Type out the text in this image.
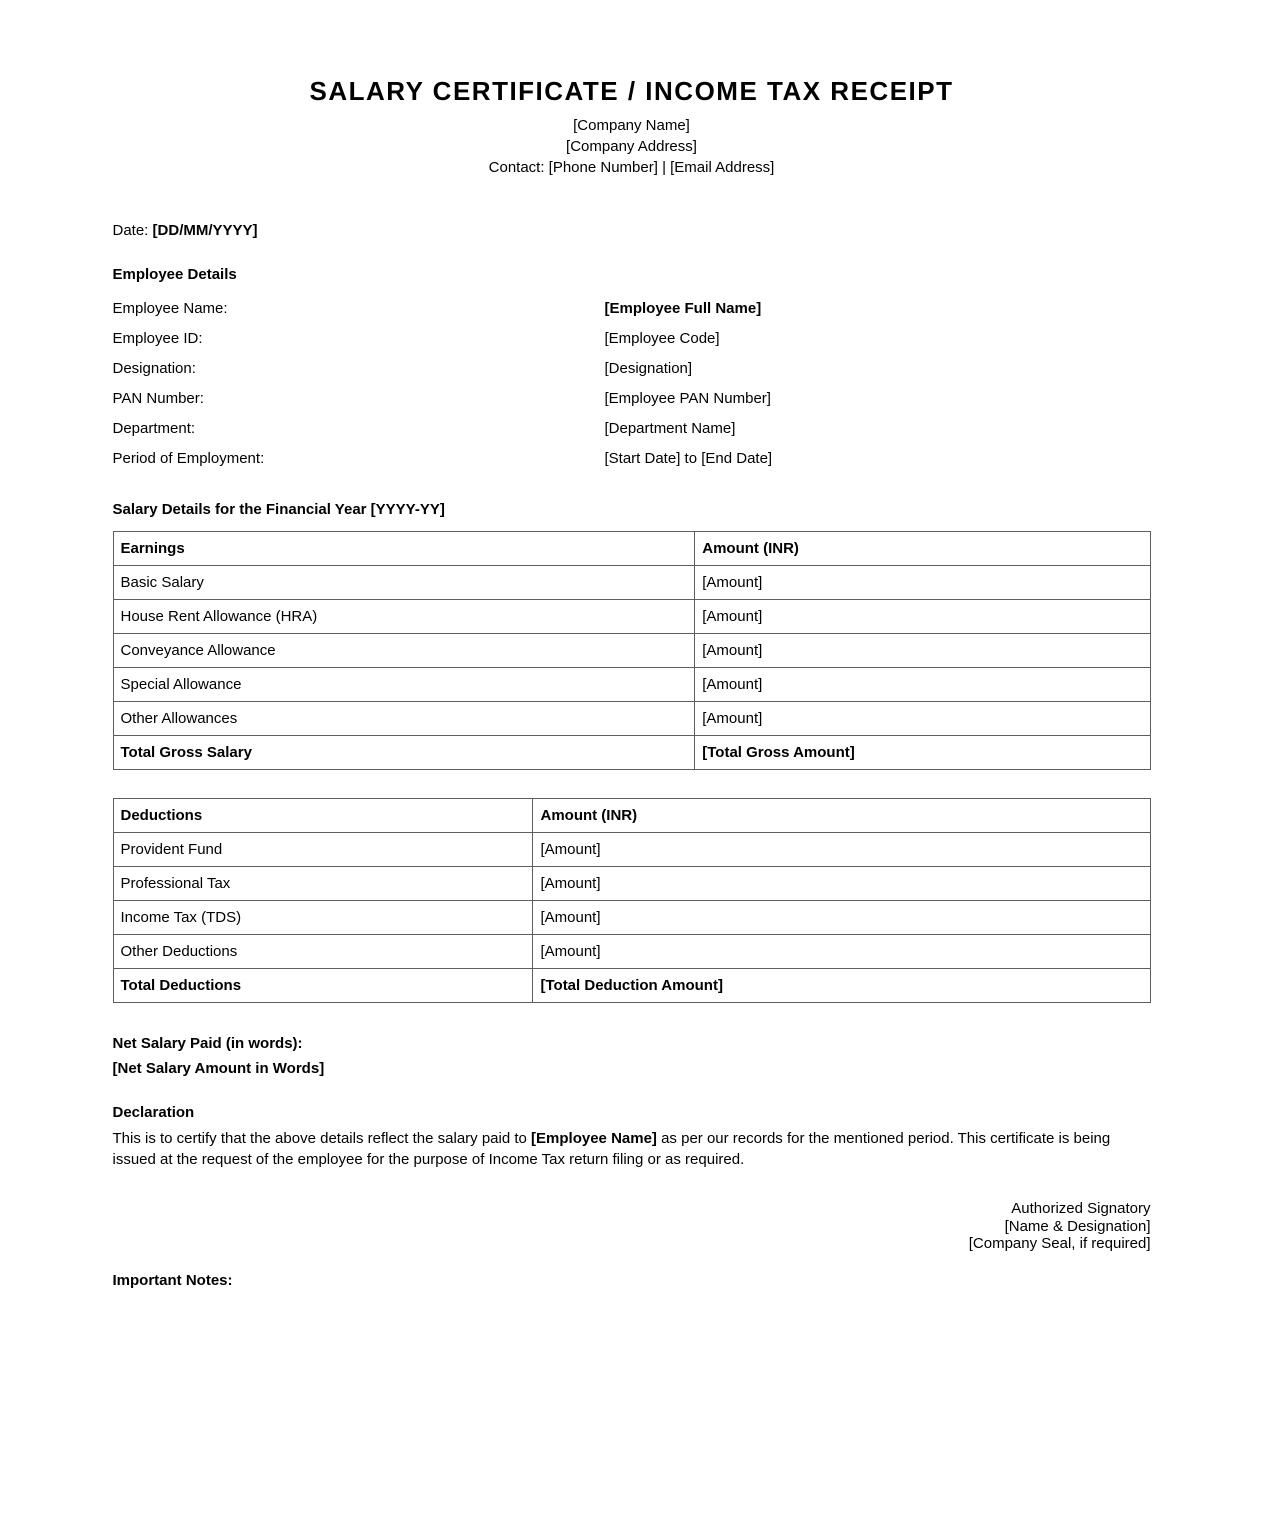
SALARY CERTIFICATE / INCOME TAX RECEIPT
[Company Name]
[Company Address]
Contact: [Phone Number] | [Email Address]
Date: [DD/MM/YYYY]
Employee Details
Employee Name:	[Employee Full Name]
Employee ID:	[Employee Code]
Designation:	[Designation]
PAN Number:	[Employee PAN Number]
Department:	[Department Name]
Period of Employment:	[Start Date] to [End Date]
Salary Details for the Financial Year [YYYY-YY]
Earnings	Amount (INR)
Basic Salary	[Amount]
House Rent Allowance (HRA)	[Amount]
Conveyance Allowance	[Amount]
Special Allowance	[Amount]
Other Allowances	[Amount]
Total Gross Salary	[Total Gross Amount]
Deductions	Amount (INR)
Provident Fund	[Amount]
Professional Tax	[Amount]
Income Tax (TDS)	[Amount]
Other Deductions	[Amount]
Total Deductions	[Total Deduction Amount]
Net Salary Paid (in words):
[Net Salary Amount in Words]
Declaration
This is to certify that the above details reflect the salary paid to [Employee Name] as per our records for the mentioned period. This certificate is being issued at the request of the employee for the purpose of Income Tax return filing or as required.
Authorized Signatory
[Name & Designation]
[Company Seal, if required]
Important Notes:
